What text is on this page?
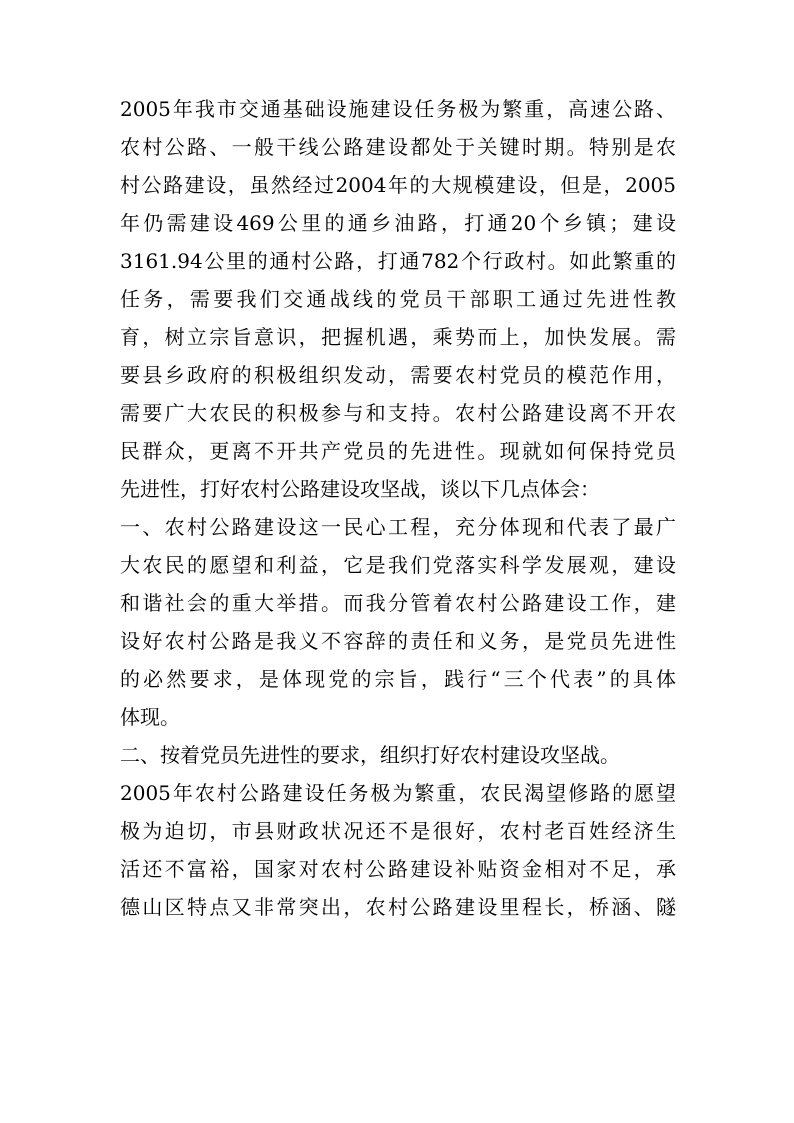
2005年我市交通基础设施建设任务极为繁重，高速公路、
农村公路、一般干线公路建设都处于关键时期。特别是农
村公路建设，虽然经过2004年的大规模建设，但是，2005
年仍需建设469公里的通乡油路，打通20个乡镇；建设
3161.94公里的通村公路，打通782个行政村。如此繁重的
任务，需要我们交通战线的党员干部职工通过先进性教
育，树立宗旨意识，把握机遇，乘势而上，加快发展。需
要县乡政府的积极组织发动，需要农村党员的模范作用，
需要广大农民的积极参与和支持。农村公路建设离不开农
民群众，更离不开共产党员的先进性。现就如何保持党员
先进性，打好农村公路建设攻坚战，谈以下几点体会：
一、农村公路建设这一民心工程，充分体现和代表了最广
大农民的愿望和利益，它是我们党落实科学发展观，建设
和谐社会的重大举措。而我分管着农村公路建设工作，建
设好农村公路是我义不容辞的责任和义务，是党员先进性
的必然要求，是体现党的宗旨，践行“三个代表”的具体
体现。
二、按着党员先进性的要求，组织打好农村建设攻坚战。
2005年农村公路建设任务极为繁重，农民渴望修路的愿望
极为迫切，市县财政状况还不是很好，农村老百姓经济生
活还不富裕，国家对农村公路建设补贴资金相对不足，承
德山区特点又非常突出，农村公路建设里程长，桥涵、隧
